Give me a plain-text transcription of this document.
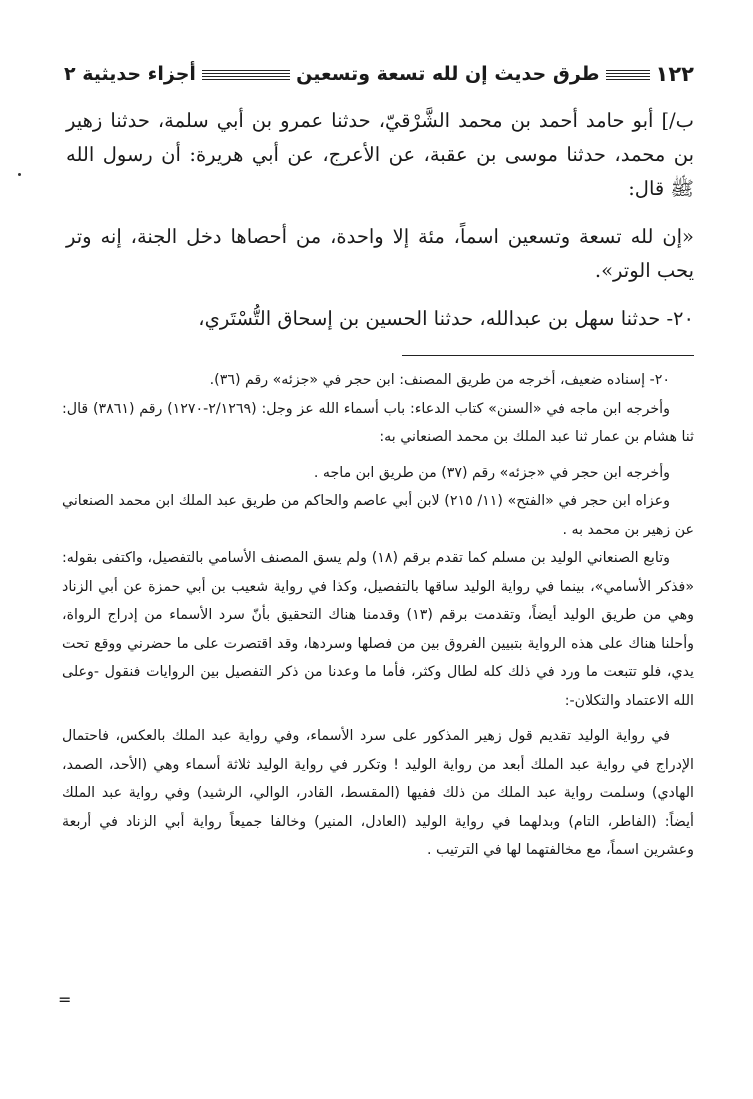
١٢٢
طرق حديث إن لله تسعة وتسعين
أجزاء حديثية ٢

ب/] أبو حامد أحمد بن محمد الشَّرْقيّ، حدثنا عمرو بن أبي سلمة، حدثنا زهير بن محمد، حدثنا موسى بن عقبة، عن الأعرج، عن أبي هريرة: أن رسول الله ﷺ قال:

«إن لله تسعة وتسعين اسماً، مئة إلا واحدة، من أحصاها دخل الجنة، إنه وتر يحب الوتر».

٢٠- حدثنا سهل بن عبدالله، حدثنا الحسين بن إسحاق التُّسْتَري،

٢٠- إسناده ضعيف، أخرجه من طريق المصنف: ابن حجر في «جزئه» رقم (٣٦).

وأخرجه ابن ماجه في «السنن» كتاب الدعاء: باب أسماء الله عز وجل: (٢/١٢٦٩-١٢٧٠) رقم (٣٨٦١) قال: ثنا هشام بن عمار ثنا عبد الملك بن محمد الصنعاني به:

وأخرجه ابن حجر في «جزئه» رقم (٣٧) من طريق ابن ماجه .

وعزاه ابن حجر في «الفتح» (١١/ ٢١٥) لابن أبي عاصم والحاكم من طريق عبد الملك ابن محمد الصنعاني عن زهير بن محمد به .

وتابع الصنعاني الوليد بن مسلم كما تقدم برقم (١٨) ولم يسق المصنف الأسامي بالتفصيل، واكتفى بقوله: «فذكر الأسامي»، بينما في رواية الوليد ساقها بالتفصيل، وكذا في رواية شعيب بن أبي حمزة عن أبي الزناد وهي من طريق الوليد أيضاً، وتقدمت برقم (١٣) وقدمنا هناك التحقيق بأنّ سرد الأسماء من إدراج الرواة، وأحلنا هناك على هذه الرواية بتبيين الفروق بين من فصلها وسردها، وقد اقتصرت على ما حضرني ووقع تحت يدي، فلو تتبعت ما ورد في ذلك كله لطال وكثر، فأما ما وعدنا من ذكر التفصيل بين الروايات فنقول -وعلى الله الاعتماد والتكلان-:

في رواية الوليد تقديم قول زهير المذكور على سرد الأسماء، وفي رواية عبد الملك بالعكس، فاحتمال الإدراج في رواية عبد الملك أبعد من رواية الوليد ! وتكرر في رواية الوليد ثلاثة أسماء وهي (الأحد، الصمد، الهادي) وسلمت رواية عبد الملك من ذلك ففيها (المقسط، القادر، الوالي، الرشيد) وفي رواية عبد الملك أيضاً: (الفاطر، التام) وبدلهما في رواية الوليد (العادل، المنير) وخالفا جميعاً رواية أبي الزناد في أربعة وعشرين اسماً، مع مخالفتهما لها في الترتيب .

=
